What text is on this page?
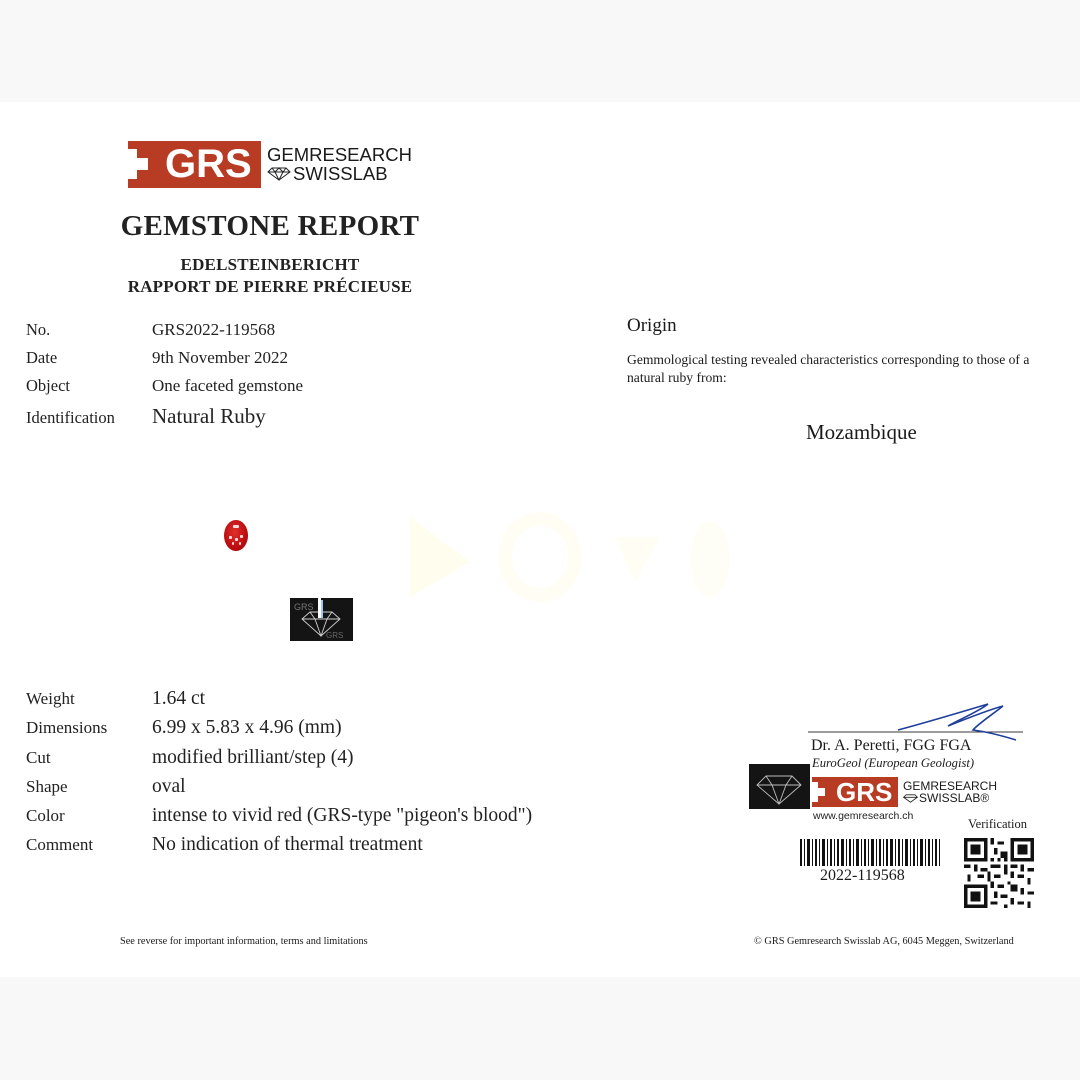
GRS GEMRESEARCH
SWISSLAB
GEMSTONE REPORT
EDELSTEINBERICHT
RAPPORT DE PIERRE PRÉCIEUSE
No.	GRS2022-119568
Date	9th November 2022
Object	One faceted gemstone
Identification	Natural Ruby
Origin
Gemmological testing revealed characteristics corresponding to those of a natural ruby from:
Mozambique
GRS
GRS
Weight	1.64 ct
Dimensions	6.99 x 5.83 x 4.96 (mm)
Cut	modified brilliant/step (4)
Shape	oval
Color	intense to vivid red (GRS-type "pigeon's blood")
Comment	No indication of thermal treatment
Dr. A. Peretti, FGG FGA
EuroGeol (European Geologist)
GRS GEMRESEARCH
SWISSLAB®
www.gemresearch.ch
Verification
2022-119568
See reverse for important information, terms and limitations	© GRS Gemresearch Swisslab AG, 6045 Meggen, Switzerland
